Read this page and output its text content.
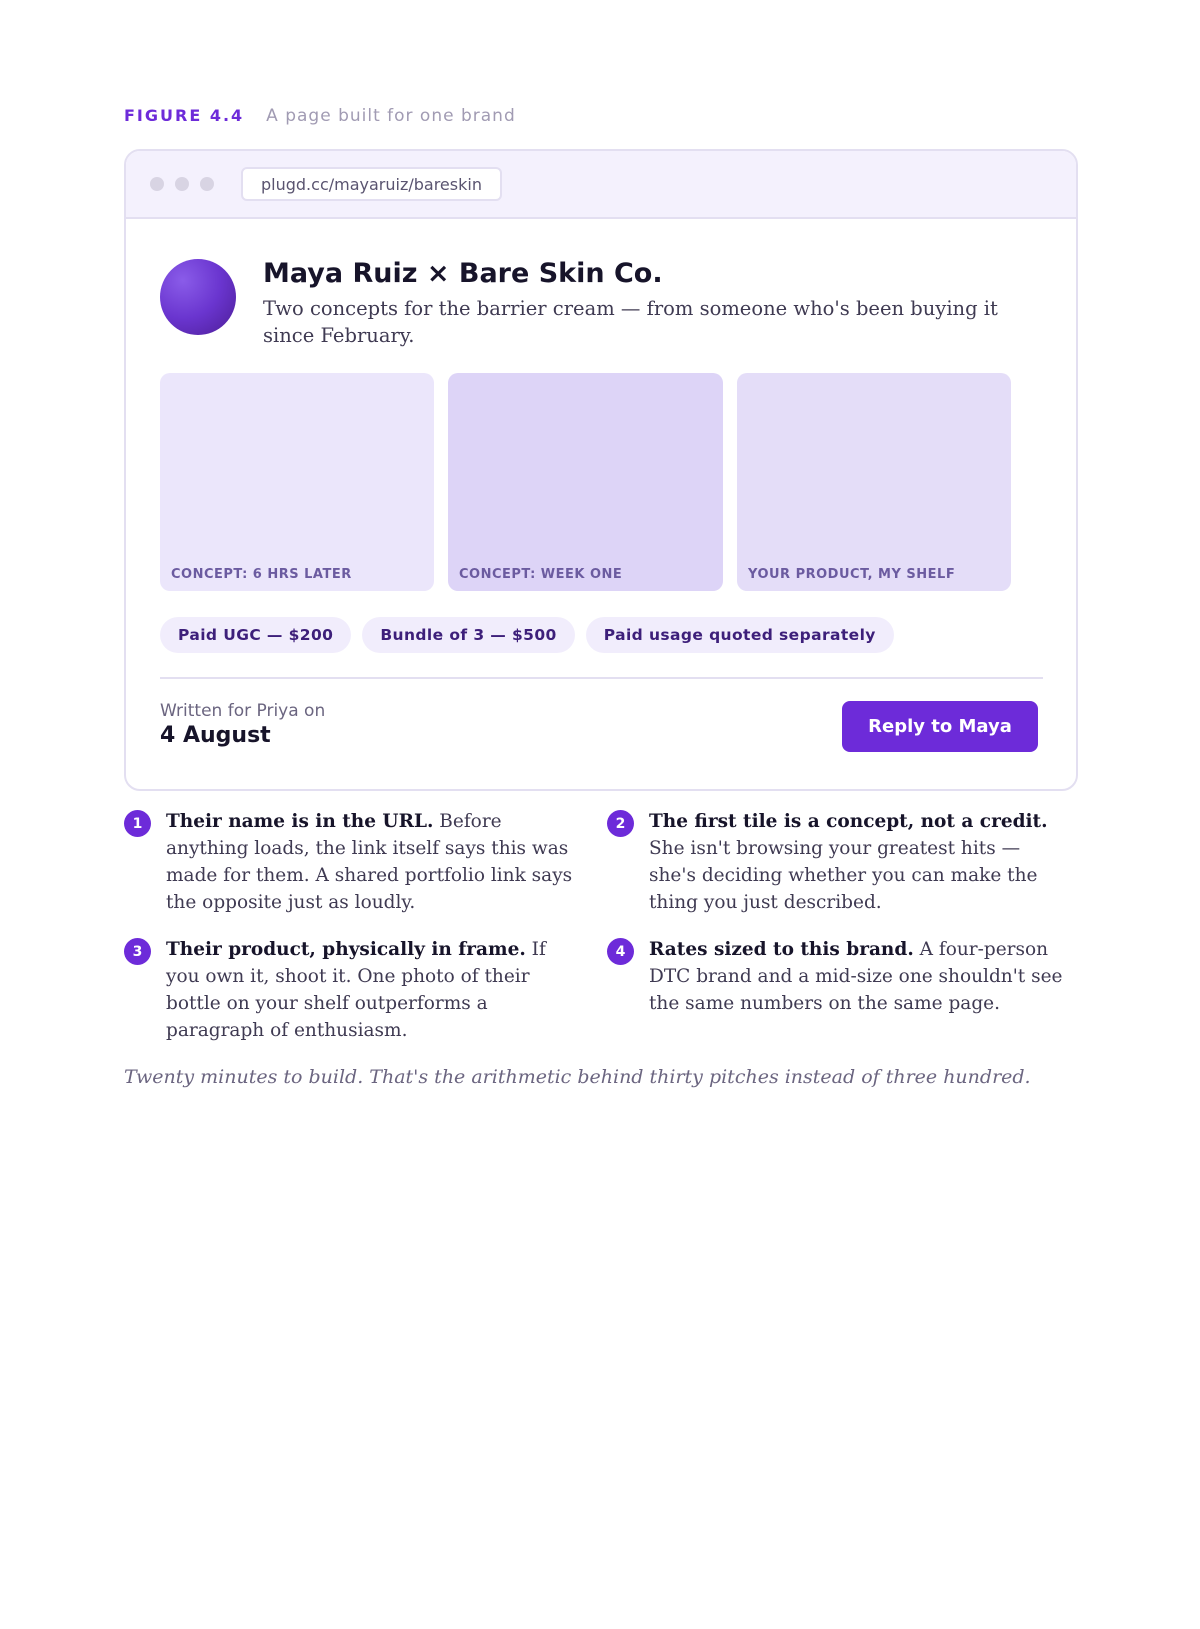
FIGURE 4.4 A page built for one brand
plugd.cc/mayaruiz/bareskin
Maya Ruiz × Bare Skin Co.
Two concepts for the barrier cream — from someone who's been buying it since February.
CONCEPT: 6 HRS LATER	CONCEPT: WEEK ONE	YOUR PRODUCT, MY SHELF
Paid UGC — $200	Bundle of 3 — $500	Paid usage quoted separately
Written for Priya on
4 August	Reply to Maya
1	Their name is in the URL. Before anything loads, the link itself says this was made for them. A shared portfolio link says the opposite just as loudly.
2	The first tile is a concept, not a credit. She isn't browsing your greatest hits — she's deciding whether you can make the thing you just described.
3	Their product, physically in frame. If you own it, shoot it. One photo of their bottle on your shelf outperforms a paragraph of enthusiasm.
4	Rates sized to this brand. A four-person DTC brand and a mid-size one shouldn't see the same numbers on the same page.
Twenty minutes to build. That's the arithmetic behind thirty pitches instead of three hundred.
